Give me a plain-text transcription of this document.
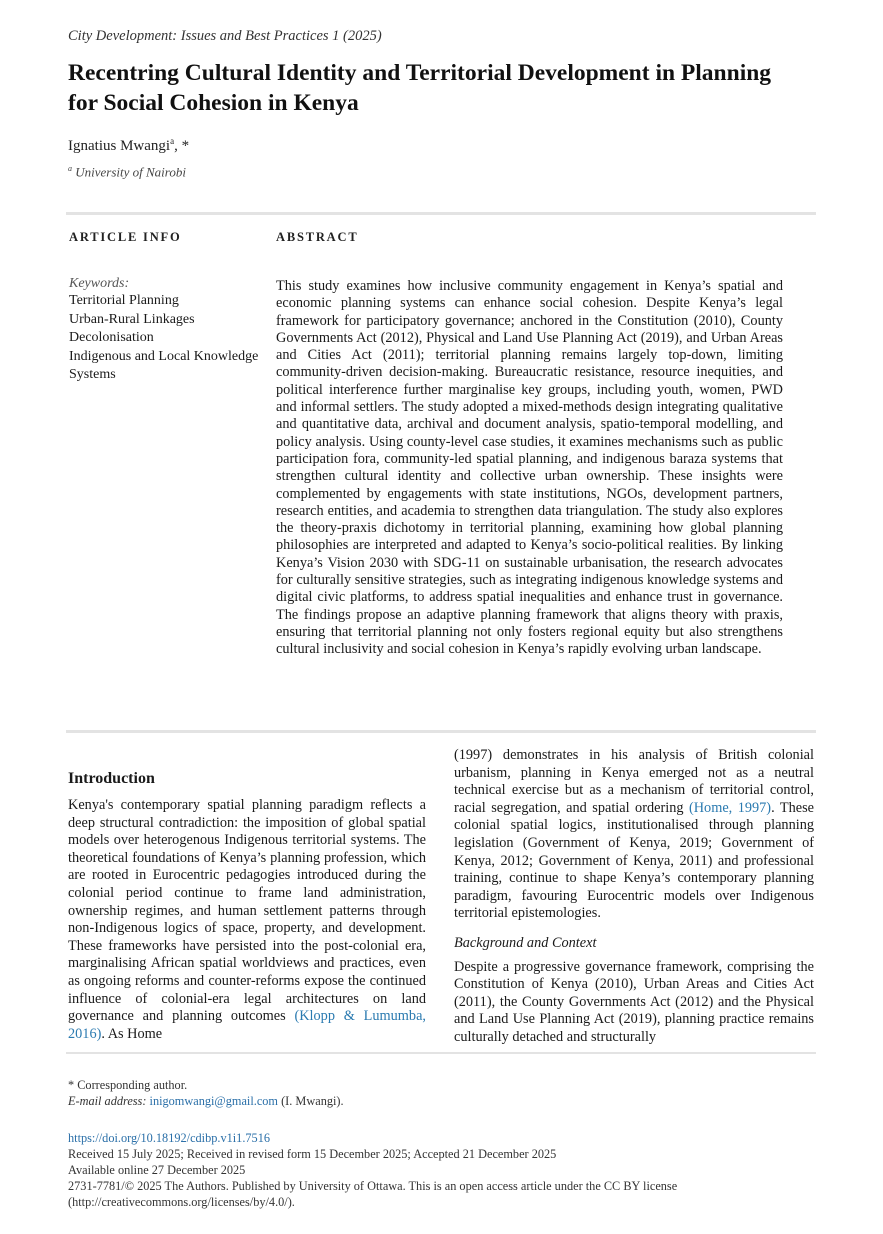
City Development: Issues and Best Practices 1 (2025)
Recentring Cultural Identity and Territorial Development in Planning for Social Cohesion in Kenya
Ignatius Mwangi$^a$, *
$^a$ University of Nairobi
ARTICLE INFO	ABSTRACT
Keywords:
Territorial Planning
Urban-Rural Linkages
Decolonisation
Indigenous and Local Knowledge Systems
This study examines how inclusive community engagement in Kenya’s spatial and economic planning systems can enhance social cohesion. Despite Kenya’s legal framework for participatory governance; anchored in the Constitution (2010), County Governments Act (2012), Physical and Land Use Planning Act (2019), and Urban Areas and Cities Act (2011); territorial planning remains largely top-down, limiting community-driven decision-making. Bureaucratic resistance, resource inequities, and political interference further marginalise key groups, including youth, women, PWD and informal settlers. The study adopted a mixed-methods design integrating qualitative and quantitative data, archival and document analysis, spatio-temporal modelling, and policy analysis. Using county-level case studies, it examines mechanisms such as public participation fora, community-led spatial planning, and indigenous baraza systems that strengthen cultural identity and collective urban ownership. These insights were complemented by engagements with state institutions, NGOs, development partners, research entities, and academia to strengthen data triangulation. The study also explores the theory-praxis dichotomy in territorial planning, examining how global planning philosophies are interpreted and adapted to Kenya’s socio-political realities. By linking Kenya’s Vision 2030 with SDG-11 on sustainable urbanisation, the research advocates for culturally sensitive strategies, such as integrating indigenous knowledge systems and digital civic platforms, to address spatial inequalities and enhance trust in governance. The findings propose an adaptive planning framework that aligns theory with praxis, ensuring that territorial planning not only fosters regional equity but also strengthens cultural inclusivity and social cohesion in Kenya’s rapidly evolving urban landscape.
Introduction
Kenya's contemporary spatial planning paradigm reflects a deep structural contradiction: the imposition of global spatial models over heterogenous Indigenous territorial systems. The theoretical foundations of Kenya’s planning profession, which are rooted in Eurocentric pedagogies introduced during the colonial period continue to frame land administration, ownership regimes, and human settlement patterns through non-Indigenous logics of space, property, and development. These frameworks have persisted into the post-colonial era, marginalising African spatial worldviews and practices, even as ongoing reforms and counter-reforms expose the continued influence of colonial-era legal architectures on land governance and planning outcomes (Klopp & Lumumba, 2016). As Home
(1997) demonstrates in his analysis of British colonial urbanism, planning in Kenya emerged not as a neutral technical exercise but as a mechanism of territorial control, racial segregation, and spatial ordering (Home, 1997). These colonial spatial logics, institutionalised through planning legislation (Government of Kenya, 2019; Government of Kenya, 2012; Government of Kenya, 2011) and professional training, continue to shape Kenya’s contemporary planning paradigm, favouring Eurocentric models over Indigenous territorial epistemologies.
Background and Context
Despite a progressive governance framework, comprising the Constitution of Kenya (2010), Urban Areas and Cities Act (2011), the County Governments Act (2012) and the Physical and Land Use Planning Act (2019), planning practice remains culturally detached and structurally
* Corresponding author.
E-mail address: inigomwangi@gmail.com (I. Mwangi).
https://doi.org/10.18192/cdibp.v1i1.7516
Received 15 July 2025; Received in revised form 15 December 2025; Accepted 21 December 2025
Available online 27 December 2025
2731-7781/© 2025 The Authors. Published by University of Ottawa. This is an open access article under the CC BY license
(http://creativecommons.org/licenses/by/4.0/).
